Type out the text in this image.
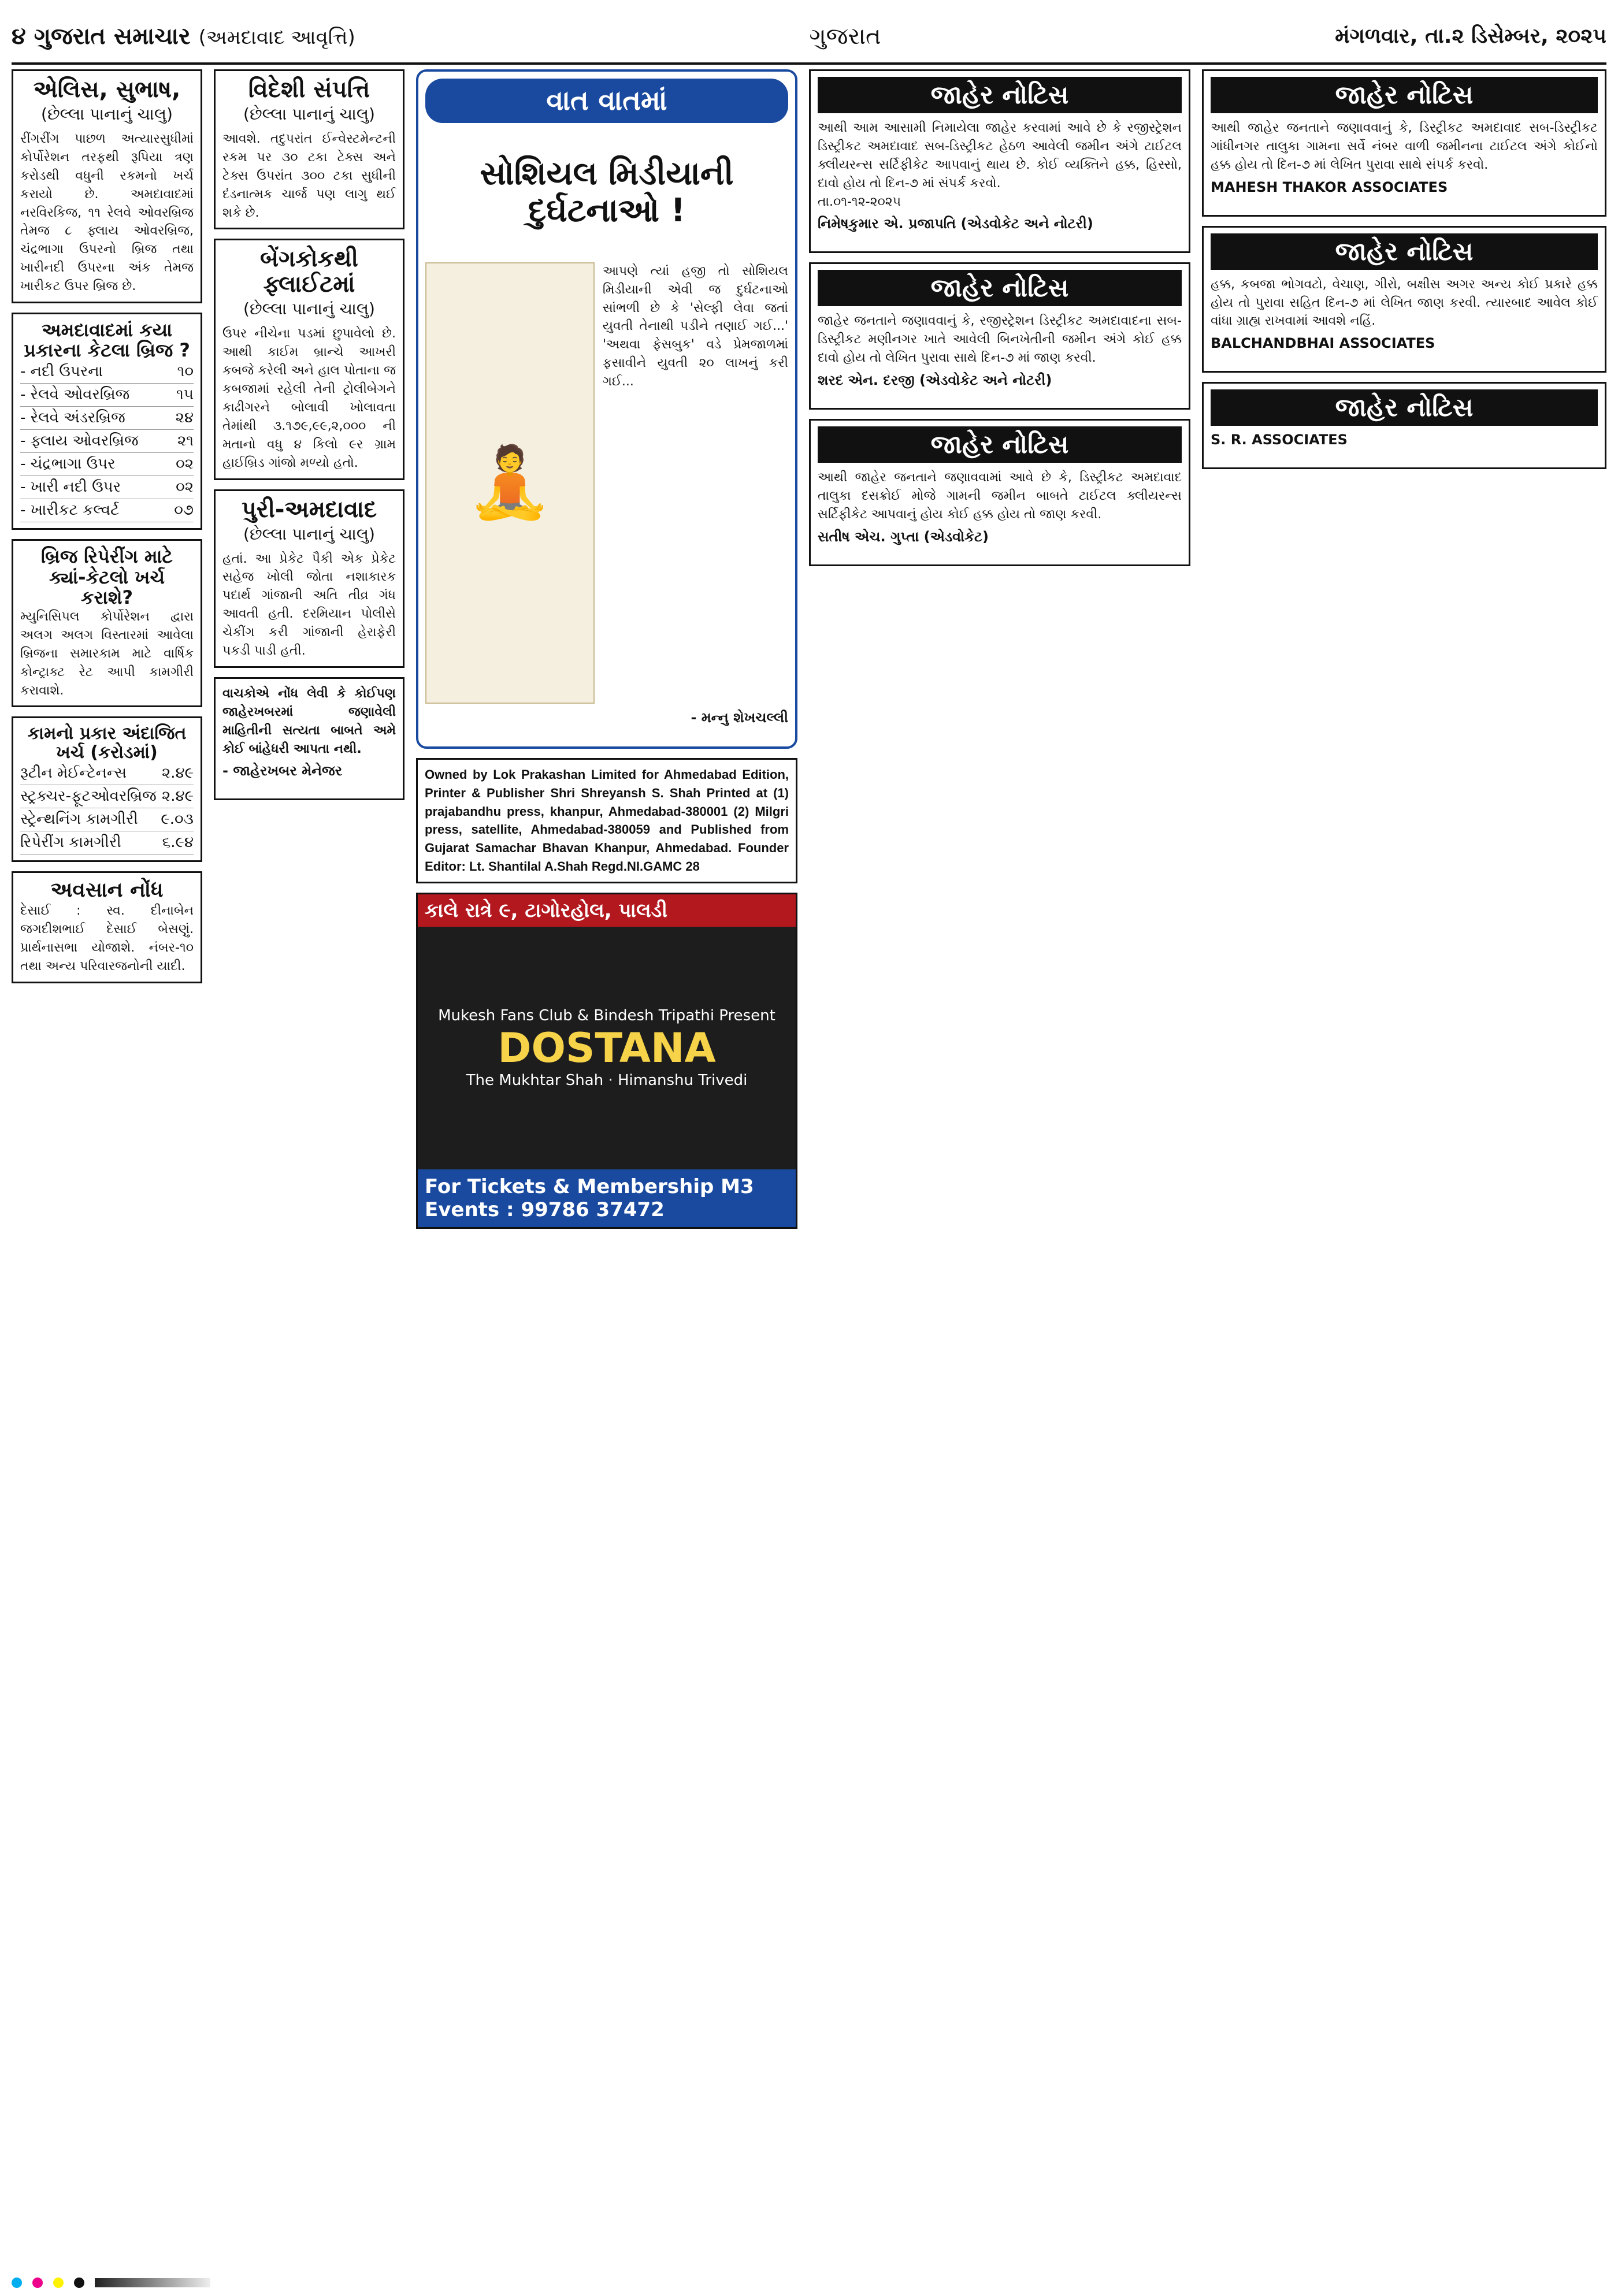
૪ ગુજરાત સમાચાર (અમદાવાદ આવૃત્તિ)	ગુજરાત	મંગળવાર, તા.૨ ડિસેમ્બર, ૨૦૨૫

એલિસ, સુભાષ,

(છેલ્લા પાનાનું ચાલુ)

રીંગરીંગ પાછળ અત્યારસુધીમાં કોર્પોરેશન તરફથી રૂપિયા ત્રણ કરોડથી વધુની રકમનો ખર્ચ કરાયો છે. અમદાવાદમાં નરવિરકિજ, ૧૧ રેલવે ઓવરબ્રિજ તેમજ ૮ ફ્લાય ઓવરબ્રિજ, ચંદ્રભાગા ઉપરનો બ્રિજ તથા ખારીનદી ઉપરના અંક તેમજ ખારીકટ ઉપર બ્રિજ છે.

અમદાવાદમાં કયા પ્રકારના કેટલા બ્રિજ ?

- નદી ઉપરના	૧૦
- રેલવે ઓવરબ્રિજ	૧૫
- રેલવે અંડરબ્રિજ	૨૪
- ફ્લાય ઓવરબ્રિજ	૨૧
- ચંદ્રભાગા ઉપર	૦૨
- ખારી નદી ઉપર	૦૨
- ખારીકટ કલ્વર્ટ	૦૭

બ્રિજ રિપેરીંગ માટે ક્યાં-કેટલો ખર્ચ કરાશે?

મ્યુનિસિપલ કોર્પોરેશન દ્વારા અલગ અલગ વિસ્તારમાં આવેલા બ્રિજના સમારકામ માટે વાર્ષિક કોન્ટ્રાક્ટ રેટ આપી કામગીરી કરાવાશે.

કામનો પ્રકાર અંદાજિત ખર્ચ (કરોડમાં)

રૂટીન મેઈન્ટેનન્સ ૨.૪૯
સ્ટ્રક્ચર-ફૂટઓવરબ્રિજ ૨.૪૯
સ્ટ્રેન્થનિંગ કામગીરી ૯.૦૩
રિપેરીંગ કામગીરી	૬.૯૪

અવસાન નોંધ

દેસાઈ : સ્વ. દીનાબેન જગદીશભાઈ દેસાઈ બેસણું. પ્રાર્થનાસભા યોજાશે. નંબર-૧૦ તથા અન્ય પરિવારજનોની યાદી.

વિદેશી સંપત્તિ

(છેલ્લા પાનાનું ચાલુ)

આવશે. તદુપરાંત ઈન્વેસ્ટમેન્ટની રકમ પર ૩૦ ટકા ટેક્સ અને ટેક્સ ઉપરાંત ૩૦૦ ટકા સુધીની દંડનાત્મક ચાર્જ પણ લાગુ થઈ શકે છે.

બેંગકોકથી ફ્લાઈટમાં

(છેલ્લા પાનાનું ચાલુ)

ઉપર નીચેના પડમાં છુપાવેલો છે. આથી કાઈમ બ્રાન્ચે આખરી કબજે કરેલી અને હાલ પોતાના જ કબજામાં રહેલી તેની ટ્રોલીબેગને કાઢીગરને બોલાવી ખોલાવતા તેમાંથી ૩.૧૭૯,૯૯,૨,૦૦૦ ની મતાનો વધુ ૪ કિલો ૯ર ગ્રામ હાઈબ્રિડ ગાંજો મળ્યો હતો.

પુરી-અમદાવાદ

(છેલ્લા પાનાનું ચાલુ)

હતાં. આ પ્રેકેટ પૈકી એક પ્રેકેટ સહેજ ખોલી જોતા નશાકારક પદાર્થ ગાંજાની અતિ તીવ્ર ગંધ આવતી હતી. દરમિયાન પોલીસે ચેકીંગ કરી ગાંજાની હેરાફેરી પકડી પાડી હતી.

વાચકોએ નોંધ લેવી કે કોઈપણ જાહેરખબરમાં જણાવેલી માહિતીની સત્યતા બાબતે અમે કોઈ બાંહેધરી આપતા નથી.

- જાહેરખબર મેનેજર

વાત વાતમાં

સોશિયલ મિડીયાની દુર્ઘટનાઓ !

🧘

આપણે ત્યાં હજી તો સોશિયલ મિડીયાની એવી જ દુર્ઘટનાઓ સાંભળી છે કે 'સેલ્ફી લેવા જતાં યુવતી તેનાથી પડીને તણાઈ ગઈ...' 'અથવા ફેસબુક' વડે પ્રેમજાળમાં ફસાવીને યુવતી ૨૦ લાખનું કરી ગઈ...

- મન્નુ શેખચલ્લી

Owned by Lok Prakashan Limited for Ahmedabad Edition, Printer & Publisher Shri Shreyansh S. Shah Printed at (1) prajabandhu press, khanpur, Ahmedabad-380001 (2) Milgri press, satellite, Ahmedabad-380059 and Published from Gujarat Samachar Bhavan Khanpur, Ahmedabad. Founder Editor: Lt. Shantilal A.Shah Regd.NI.GAMC 28

કાલે રાત્રે ૯, ટાગોરહોલ, પાલડી
Mukesh Fans Club & Bindesh Tripathi Present
DOSTANA
The Mukhtar Shah · Himanshu Trivedi
For Tickets & Membership M3 Events : 99786 37472

જાહેર નોટિસ

આથી આમ આસામી નિમાયેલા જાહેર કરવામાં આવે છે કે રજીસ્ટ્રેશન ડિસ્ટ્રીકટ અમદાવાદ સબ-ડિસ્ટ્રીકટ હેઠળ આવેલી જમીન અંગે ટાઈટલ ક્લીયરન્સ સર્ટિફીકેટ આપવાનું થાય છે. કોઈ વ્યક્તિને હક્ક, હિસ્સો, દાવો હોય તો દિન-૭ માં સંપર્ક કરવો.

તા.૦૧-૧૨-૨૦૨૫

નિમેષકુમાર એ. પ્રજાપતિ (એડવોકેટ અને નોટરી)

જાહેર નોટિસ

જાહેર જનતાને જણાવવાનું કે, રજીસ્ટ્રેશન ડિસ્ટ્રીકટ અમદાવાદના સબ-ડિસ્ટ્રીકટ મણીનગર ખાતે આવેલી બિનખેતીની જમીન અંગે કોઈ હક્ક દાવો હોય તો લેખિત પુરાવા સાથે દિન-૭ માં જાણ કરવી.

શરદ એન. દરજી (એડવોકેટ અને નોટરી)

જાહેર નોટિસ

આથી જાહેર જનતાને જણાવવામાં આવે છે કે, ડિસ્ટ્રીકટ અમદાવાદ તાલુકા દસક્રોઈ મોજે ગામની જમીન બાબતે ટાઈટલ ક્લીયરન્સ સર્ટિફીકેટ આપવાનું હોય કોઈ હક્ક હોય તો જાણ કરવી.

સતીષ એચ. ગુપ્તા (એડવોકેટ)

જાહેર નોટિસ

આથી જાહેર જનતાને જણાવવાનું કે, ડિસ્ટ્રીકટ અમદાવાદ સબ-ડિસ્ટ્રીકટ ગાંધીનગર તાલુકા ગામના સર્વે નંબર વાળી જમીનના ટાઈટલ અંગે કોઈનો હક્ક હોય તો દિન-૭ માં લેખિત પુરાવા સાથે સંપર્ક કરવો.

MAHESH THAKOR ASSOCIATES

જાહેર નોટિસ

હક્ક, કબજા ભોગવટો, વેચાણ, ગીરો, બક્ષીસ અગર અન્ય કોઈ પ્રકારે હક્ક હોય તો પુરાવા સહિત દિન-૭ માં લેખિત જાણ કરવી. ત્યારબાદ આવેલ કોઈ વાંધા ગ્રાહ્ય રાખવામાં આવશે નહિં.

BALCHANDBHAI ASSOCIATES

જાહેર નોટિસ

S. R. ASSOCIATES
